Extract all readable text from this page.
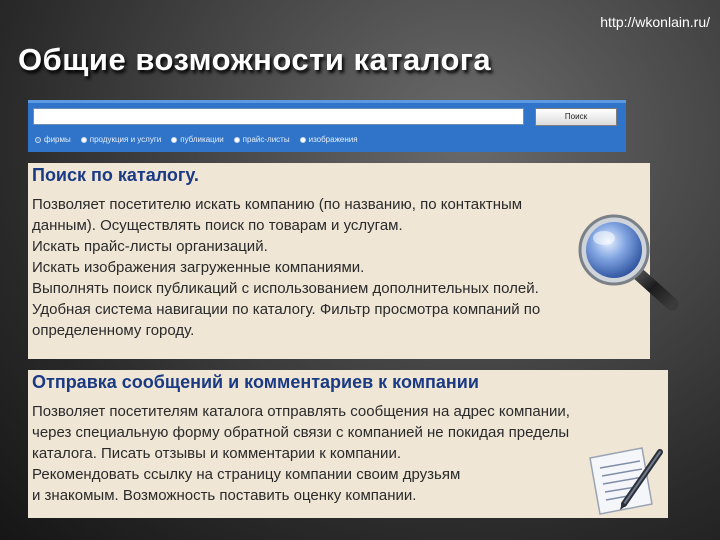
http://wkonlain.ru/
Общие возможности каталога
Поиск
фирмы продукция и услуги публикации прайс-листы изображения
Поиск по каталогу.
Позволяет посетителю искать компанию (по названию, по контактным
данным). Осуществлять поиск по товарам и услугам.
Искать прайс-листы организаций.
Искать изображения загруженные компаниями.
Выполнять поиск публикаций с использованием дополнительных полей.
Удобная система навигации по каталогу. Фильтр просмотра компаний по
определенному городу.
Отправка сообщений и комментариев к компании
Позволяет посетителям каталога отправлять сообщения на адрес компании,
через специальную форму обратной связи с компанией не покидая пределы
каталога. Писать отзывы и комментарии к компании.
Рекомендовать ссылку на страницу компании своим друзьям
и знакомым. Возможность поставить оценку компании.
